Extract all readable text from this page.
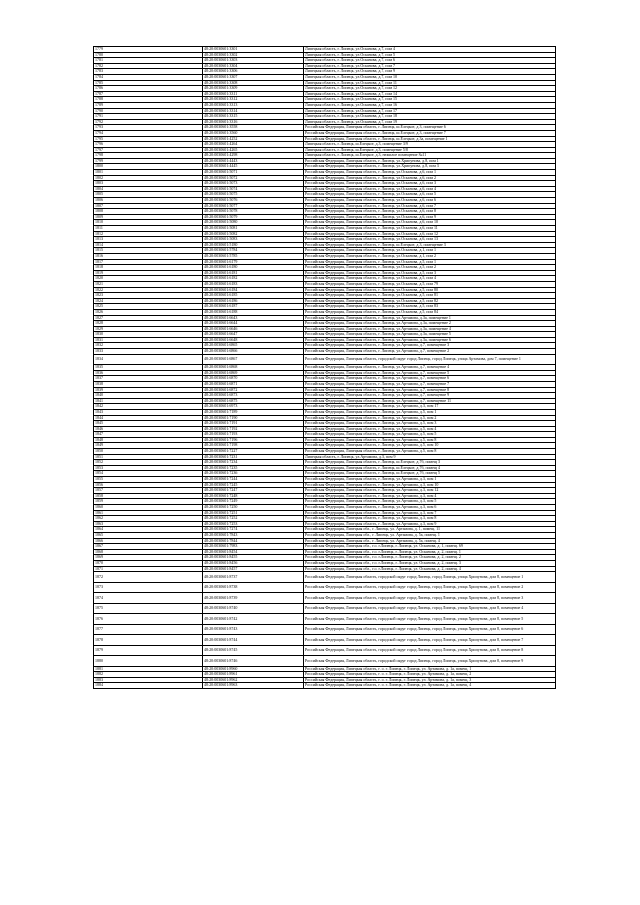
1779	48:20:0030601:3301	Липецкая область, г. Липецк, ул.Осканова, д.7, пом 4
1780	48:20:0030601:3302	Липецкая область, г. Липецк, ул.Осканова, д.7, пом 5
1781	48:20:0030601:3303	Липецкая область, г. Липецк, ул.Осканова, д.7, пом 6
1782	48:20:0030601:3304	Липецкая область, г. Липецк, ул.Осканова, д.7, пом 7
1783	48:20:0030601:3306	Липецкая область, г. Липецк, ул.Осканова, д.7, пом 9
1784	48:20:0030601:3307	Липецкая область, г. Липецк, ул.Осканова, д.7, пом 10
1785	48:20:0030601:3308	Липецкая область, г. Липецк, ул.Осканова, д.7, пом 11
1786	48:20:0030601:3309	Липецкая область, г. Липецк, ул.Осканова, д.7, пом 12
1787	48:20:0030601:3311	Липецкая область, г. Липецк, ул.Осканова, д.7, пом 14
1788	48:20:0030601:3312	Липецкая область, г. Липецк, ул.Осканова, д.7, пом 15
1789	48:20:0030601:3313	Липецкая область, г. Липецк, ул.Осканова, д.7, пом 16
1790	48:20:0030601:3314	Липецкая область, г. Липецк, ул.Осканова, д.7, пом 17
1791	48:20:0030601:3315	Липецкая область, г. Липецк, ул.Осканова, д.7, пом 18
1792	48:20:0030601:3316	Липецкая область, г. Липецк, ул.Осканова, д.7, пом 19
1793	48:20:0030601:3558	Российская Федерация, Липецкая область, г. Липецк, ш.Елецкое, д.3, помещение 6
1794	48:20:0030601:3560	Российская Федерация, Липецкая область, г. Липецк, ш.Елецкое, д.3, помещение 7
1795	48:20:0030601:4252	Российская Федерация, Липецкая область, г. Липецк, ш.Елецкое, д.3а, помещение 1
1796	48:20:0030601:4264	Липецкая область, г. Липецк, ш.Елецкое, д.3, помещение 3/9
1797	48:20:0030601:4265	Липецкая область, г. Липецк, ш.Елецкое, д.3, помещение 5/8
1798	48:20:0030601:4298	Липецкая область, г. Липецк, ш.Елецкое, д.3, нежилое помещение №11
1799	48:20:0030601:4443	Российская Федерация, Липецкая область, г. Липецк, ул.Хрипунова, д.8, пом 1
1800	48:20:0030601:4445	Российская Федерация, Липецкая область, г. Липецк, ул.Хрипунова, д.8, пом 3
1801	48:20:0030601:5071	Российская Федерация, Липецкая область, г. Липецк, ул.Осканова, д.6, пом 1
1802	48:20:0030601:5072	Российская Федерация, Липецкая область, г. Липецк, ул.Осканова, д.6, пом 2
1803	48:20:0030601:5073	Российская Федерация, Липецкая область, г. Липецк, ул.Осканова, д.6, пом 3
1804	48:20:0030601:5074	Российская Федерация, Липецкая область, г. Липецк, ул.Осканова, д.6, пом 4
1805	48:20:0030601:5075	Российская Федерация, Липецкая область, г. Липецк, ул.Осканова, д.6, пом 5
1806	48:20:0030601:5076	Российская Федерация, Липецкая область, г. Липецк, ул.Осканова, д.6, пом 6
1807	48:20:0030601:5077	Российская Федерация, Липецкая область, г. Липецк, ул.Осканова, д.6, пом 7
1808	48:20:0030601:5078	Российская Федерация, Липецкая область, г. Липецк, ул.Осканова, д.6, пом 8
1809	48:20:0030601:5079	Российская Федерация, Липецкая область, г. Липецк, ул.Осканова, д.6, пом 9
1810	48:20:0030601:5080	Российская Федерация, Липецкая область, г. Липецк, ул.Осканова, д.6, пом 10
1811	48:20:0030601:5081	Российская Федерация, Липецкая область, г. Липецк, ул.Осканова, д.6, пом 11
1812	48:20:0030601:5082	Российская Федерация, Липецкая область, г. Липецк, ул.Осканова, д.6, пом 12
1813	48:20:0030601:5083	Российская Федерация, Липецкая область, г. Липецк, ул.Осканова, д.6, пом 13
1814	48:20:0030601:5180	Российская Федерация, Липецкая область, г. Липецк, ш.Елецкое, д.3, помещение 3
1815	48:20:0030601:5784	Российская Федерация, Липецкая область, г. Липецк, ул.Осканова, д.1, пом 1
1816	48:20:0030601:5785	Российская Федерация, Липецкая область, г. Липецк, ул.Осканова, д.1, пом 2
1817	48:20:0030601:6179	Российская Федерация, Липецкая область, г. Липецк, ул.Осканова, д.5, пом 1
1818	48:20:0030601:6180	Российская Федерация, Липецкая область, г. Липецк, ул.Осканова, д.5, пом 2
1819	48:20:0030601:6181	Российская Федерация, Липецкая область, г. Липецк, ул.Осканова, д.5, пом 3
1820	48:20:0030601:6182	Российская Федерация, Липецкая область, г. Липецк, ул.Осканова, д.5, пом 4
1821	48:20:0030601:6183	Российская Федерация, Липецкая область, г. Липецк, ул.Осканова, д.5, пом 79
1822	48:20:0030601:6184	Российская Федерация, Липецкая область, г. Липецк, ул.Осканова, д.5, пом 80
1823	48:20:0030601:6185	Российская Федерация, Липецкая область, г. Липецк, ул.Осканова, д.5, пом 81
1824	48:20:0030601:6186	Российская Федерация, Липецкая область, г. Липецк, ул.Осканова, д.5, пом 82
1825	48:20:0030601:6187	Российская Федерация, Липецкая область, г. Липецк, ул.Осканова, д.5, пом 83
1826	48:20:0030601:6188	Российская Федерация, Липецкая область, г. Липецк, ул.Осканова, д.5, пом 84
1827	48:20:0030601:6643	Российская Федерация, Липецкая область, г. Липецк, ул.Артамова, д.3а, помещение 1
1828	48:20:0030601:6644	Российская Федерация, Липецкая область, г. Липецк, ул.Артамова, д.3а, помещение 2
1829	48:20:0030601:6646	Российская Федерация, Липецкая область, г. Липецк, ул.Артамова, д.3а, помещение 4
1830	48:20:0030601:6647	Российская Федерация, Липецкая область, г. Липецк, ул.Артамова, д.3а, помещение 5
1831	48:20:0030601:6648	Российская Федерация, Липецкая область, г. Липецк, ул.Артамова, д.3а, помещение 6
1832	48:20:0030601:6865	Российская Федерация, Липецкая область, г. Липецк, ул.Артамова, д.7, помещение 3
1833	48:20:0030601:6866	Российская Федерация, Липецкая область, г. Липецк, ул.Артамова, д.7, помещение 2
1834	48:20:0030601:6867	Российская Федерация, Липецкая область, городской округ город Липецк, город Липецк, улица Артамова, дом 7, помещение 1
1835	48:20:0030601:6868	Российская Федерация, Липецкая область, г. Липецк, ул.Артамова, д.7, помещение 4
1836	48:20:0030601:6869	Российская Федерация, Липецкая область, г. Липецк, ул.Артамова, д.7, помещение 5
1837	48:20:0030601:6870	Российская Федерация, Липецкая область, г. Липецк, ул.Артамова, д.7, помещение 6
1838	48:20:0030601:6871	Российская Федерация, Липецкая область, г. Липецк, ул.Артамова, д.7, помещение 7
1839	48:20:0030601:6872	Российская Федерация, Липецкая область, г. Липецк, ул.Артамова, д.7, помещение 8
1840	48:20:0030601:6873	Российская Федерация, Липецкая область, г. Липецк, ул.Артамова, д.7, помещение 9
1841	48:20:0030601:6875	Российская Федерация, Липецкая область, г. Липецк, ул.Артамова, д.7, помещение 11
1842	48:20:0030601:6973	Российская Федерация, Липецкая область, г. Липецк, ул.Артамова, д.3, пом 17
1843	48:20:0030601:7189	Российская Федерация, Липецкая область, г. Липецк, ул.Артамова, д.5, пом 1
1844	48:20:0030601:7190	Российская Федерация, Липецкая область, г. Липецк, ул.Артамова, д.5, пом 2
1845	48:20:0030601:7191	Российская Федерация, Липецкая область, г. Липецк, ул.Артамова, д.5, пом 3
1846	48:20:0030601:7192	Российская Федерация, Липецкая область, г. Липецк, ул.Артамова, д.5, пом 4
1847	48:20:0030601:7193	Российская Федерация, Липецкая область, г. Липецк, ул.Артамова, д.5, пом 5
1848	48:20:0030601:7196	Российская Федерация, Липецкая область, г. Липецк, ул.Артамова, д.5, пом 8
1849	48:20:0030601:7198	Российская Федерация, Липецкая область, г. Липецк, ул.Артамова, д.5, пом 10
1850	48:20:0030601:7227	Российская Федерация, Липецкая область, г. Липецк, ул.Артамова, д.5, пом 8
1851	48:20:0030601:7231	Липецкая область, г. Липецк, ул.Артамова, д.3, пом 9
1852	48:20:0030601:7234	Российская Федерация, Липецкая область, г. Липецк, ш.Елецкое, д.7б, помещ 3
1853	48:20:0030601:7235	Российская Федерация, Липецкая область, г. Липецк, ш.Елецкое, д.7б, помещ 4
1854	48:20:0030601:7236	Российская Федерация, Липецкая область, г. Липецк, ш.Елецкое, д.7б, помещ 5
1855	48:20:0030601:7244	Российская Федерация, Липецкая область, г. Липецк, ул.Артамова, д.3, пом 1
1856	48:20:0030601:7245	Российская Федерация, Липецкая область, г. Липецк, ул.Артамова, д.3, пом 10
1857	48:20:0030601:7247	Российская Федерация, Липецкая область, г. Липецк, ул.Артамова, д.3, пом 12
1858	48:20:0030601:7248	Российская Федерация, Липецкая область, г. Липецк, ул.Артамова, д.3, пом 4
1859	48:20:0030601:7249	Российская Федерация, Липецкая область, г. Липецк, ул.Артамова, д.3, пом 5
1860	48:20:0030601:7250	Российская Федерация, Липецкая область, г. Липецк, ул.Артамова, д.3, пом 6
1861	48:20:0030601:7251	Российская Федерация, Липецкая область, г. Липецк, ул.Артамова, д.3, пом 7
1862	48:20:0030601:7252	Российская Федерация, Липецкая область, г. Липецк, ул.Артамова, д.3, пом 8
1863	48:20:0030601:7253	Российская Федерация, Липецкая область, г. Липецк, ул.Артамова, д.3, пом 9
1864	48:20:0030601:7274	Российская Федерация, Липецкая обл., г. Липецк, ул. Артамова, д. 1, помещ. 11
1865	48:20:0030601:7843	Российская Федерация, Липецкая обл., г. Липецк, ул. Артамова, д. 5а, помещ. 1
1866	48:20:0030601:7844	Российская Федерация, Липецкая обл., г. Липецк, ул. Артамова, д. 5а, помещ. 4
1867	48:20:0030601:7983	Российская Федерация, Липецкая обл., г.о. г.Липецк, г. Липецк, ул. Осканова, д. 1, помещ. 69
1868	48:20:0030601:8454	Российская Федерация, Липецкая обл., г.о. г.Липецк, г. Липецк, ул. Осканова, д. 2, помещ. 1
1869	48:20:0030601:8455	Российская Федерация, Липецкая обл., г.о. г.Липецк, г. Липецк, ул. Осканова, д. 2, помещ. 2
1870	48:20:0030601:8456	Российская Федерация, Липецкая обл., г.о. г.Липецк, г. Липецк, ул. Осканова, д. 2, помещ. 3
1871	48:20:0030601:8457	Российская Федерация, Липецкая обл., г.о. г.Липецк, г. Липецк, ул. Осканова, д. 2, помещ. 4
1872	48:20:0030601:8737	Российская Федерация, Липецкая область, городской округ город Липецк, город Липецк, улица Хрипунова, дом 8, помещение 1
1873	48:20:0030601:8738	Российская Федерация, Липецкая область, городской округ город Липецк, город Липецк, улица Хрипунова, дом 8, помещение 2
1874	48:20:0030601:8739	Российская Федерация, Липецкая область, городской округ город Липецк, город Липецк, улица Хрипунова, дом 8, помещение 3
1875	48:20:0030601:8740	Российская Федерация, Липецкая область, городской округ город Липецк, город Липецк, улица Хрипунова, дом 8, помещение 4
1876	48:20:0030601:8742	Российская Федерация, Липецкая область, городской округ город Липецк, город Липецк, улица Хрипунова, дом 8, помещение 5
1877	48:20:0030601:8743	Российская Федерация, Липецкая область, городской округ город Липецк, город Липецк, улица Хрипунова, дом 8, помещение 6
1878	48:20:0030601:8744	Российская Федерация, Липецкая область, городской округ город Липецк, город Липецк, улица Хрипунова, дом 8, помещение 7
1879	48:20:0030601:8745	Российская Федерация, Липецкая область, городской округ город Липецк, город Липецк, улица Хрипунова, дом 8, помещение 8
1880	48:20:0030601:8746	Российская Федерация, Липецкая область, городской округ город Липецк, город Липецк, улица Хрипунова, дом 8, помещение 9
1881	48:20:0030601:8960	Российская Федерация, Липецкая область, г. о. г. Липецк, г. Липецк, ул. Артамова, д. 1а, помещ. 1
1882	48:20:0030601:8961	Российская Федерация, Липецкая область, г. о. г. Липецк, г. Липецк, ул. Артамова, д. 1а, помещ. 2
1883	48:20:0030601:8962	Российская Федерация, Липецкая область, г. о. г. Липецк, г. Липецк, ул. Артамова, д. 1а, помещ. 3
1884	48:20:0030601:8963	Российская Федерация, Липецкая область, г. о. г. Липецк, г. Липецк, ул. Артамова, д. 1а, помещ. 4
